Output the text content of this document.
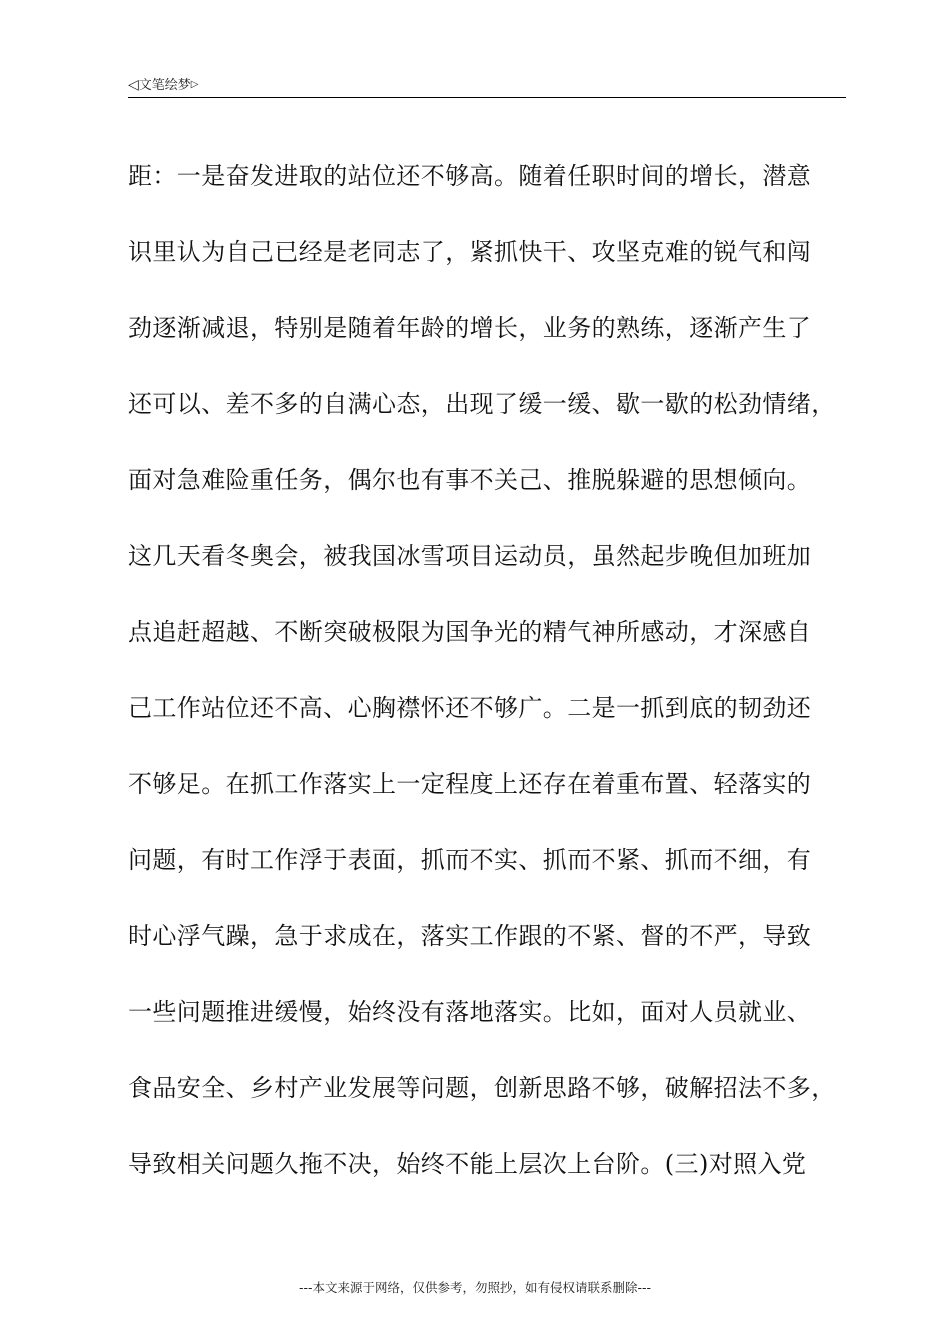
◁文笔绘梦▷
距：一是奋发进取的站位还不够高。随着任职时间的增长，潜意
识里认为自己已经是老同志了，紧抓快干、攻坚克难的锐气和闯
劲逐渐减退，特别是随着年龄的增长，业务的熟练，逐渐产生了
还可以、差不多的自满心态，出现了缓一缓、歇一歇的松劲情绪，
面对急难险重任务，偶尔也有事不关己、推脱躲避的思想倾向。
这几天看冬奥会，被我国冰雪项目运动员，虽然起步晚但加班加
点追赶超越、不断突破极限为国争光的精气神所感动，才深感自
己工作站位还不高、心胸襟怀还不够广。二是一抓到底的韧劲还
不够足。在抓工作落实上一定程度上还存在着重布置、轻落实的
问题，有时工作浮于表面，抓而不实、抓而不紧、抓而不细，有
时心浮气躁，急于求成在，落实工作跟的不紧、督的不严，导致
一些问题推进缓慢，始终没有落地落实。比如，面对人员就业、
食品安全、乡村产业发展等问题，创新思路不够，破解招法不多，
导致相关问题久拖不决，始终不能上层次上台阶。(三)对照入党
---本文来源于网络，仅供参考，勿照抄，如有侵权请联系删除---
